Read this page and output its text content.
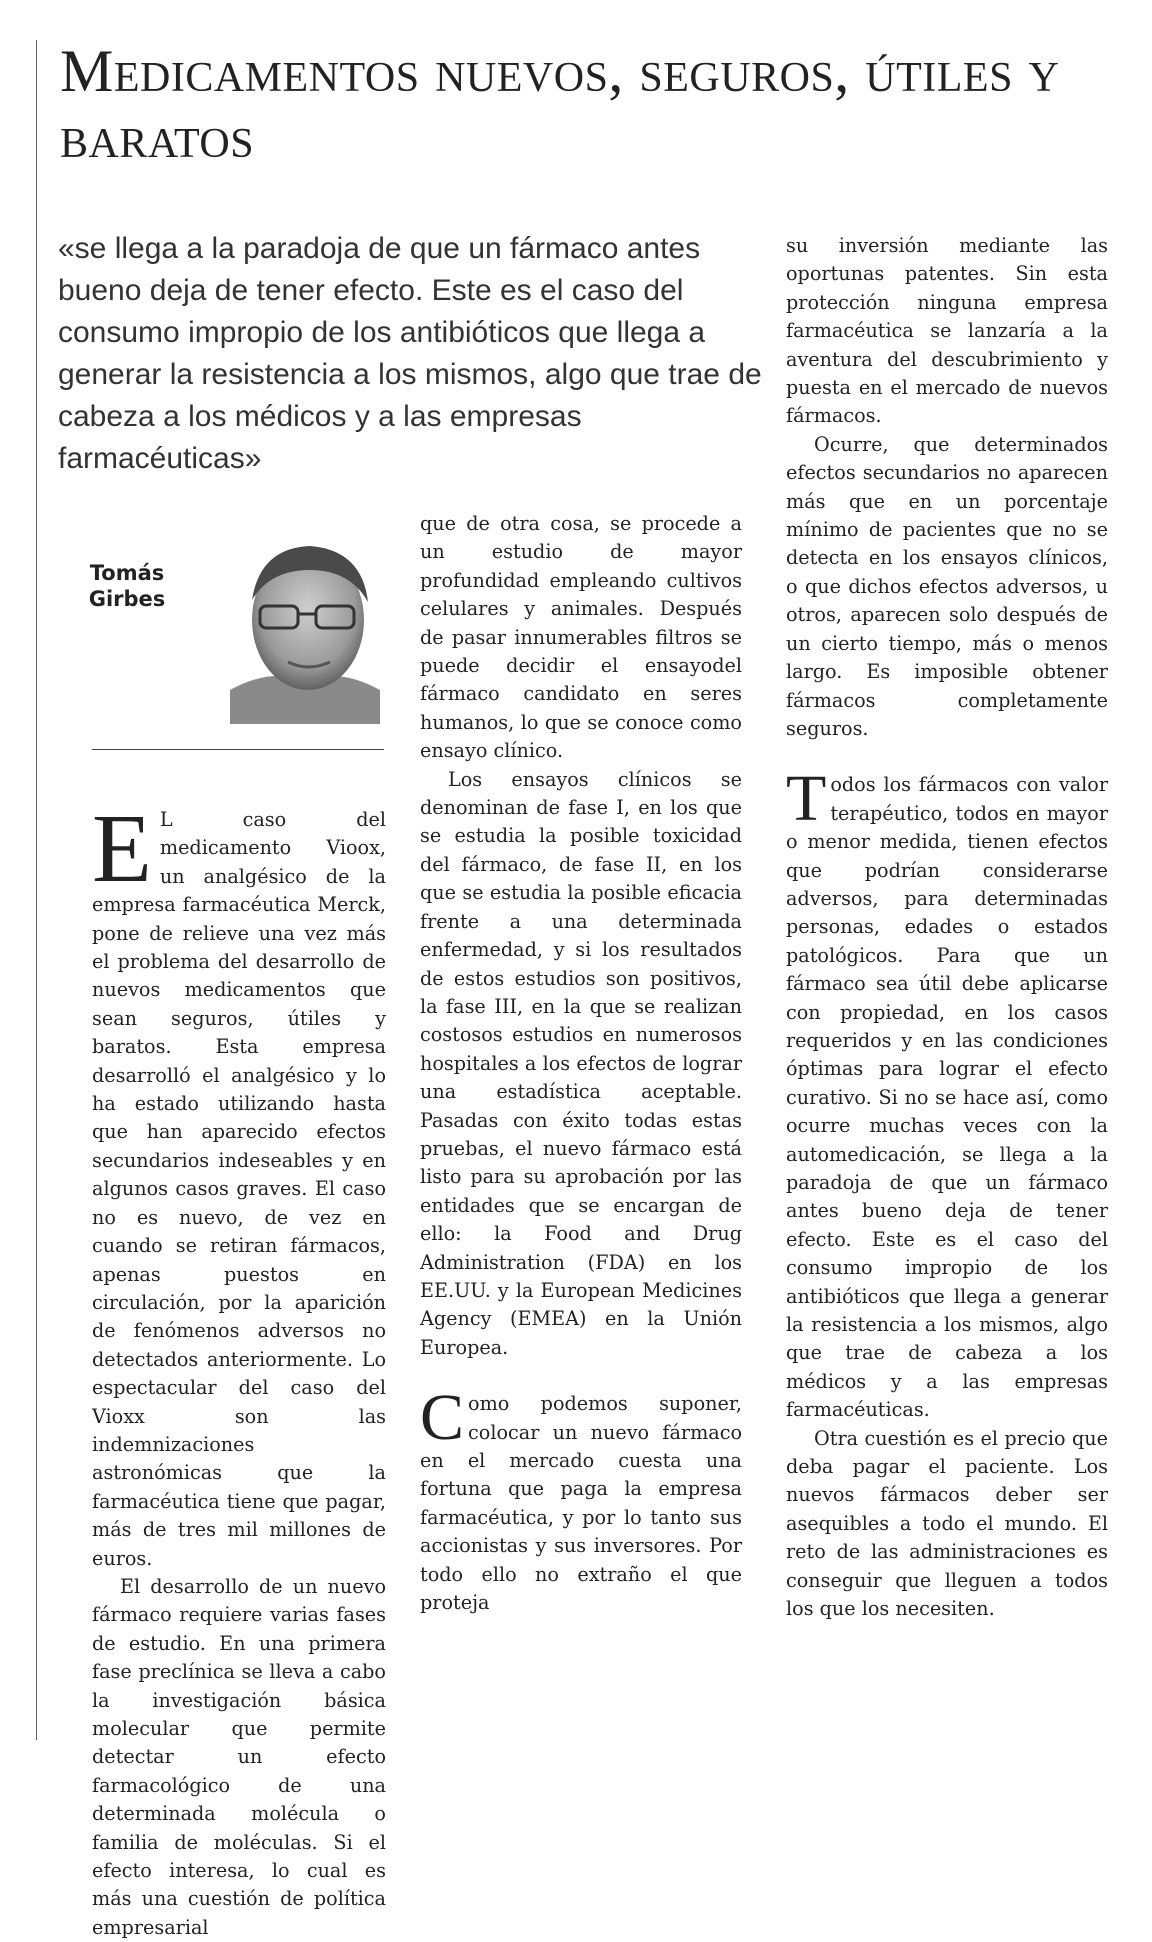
Medicamentos nuevos, seguros, útiles y baratos

«se llega a la paradoja de que un fármaco antes bueno deja de tener efecto. Este es el caso del consumo impropio de los antibióticos que llega a generar la resistencia a los mismos, algo que trae de cabeza a los médicos y a las empresas farmacéuticas»

Tomás Girbes

E L caso del medicamento Vioox, un analgésico de la empresa farmacéutica Merck, pone de relieve una vez más el problema del desarrollo de nuevos medicamentos que sean seguros, útiles y baratos. Esta empresa desarrolló el analgésico y lo ha estado utilizando hasta que han aparecido efectos secundarios indeseables y en algunos casos graves. El caso no es nuevo, de vez en cuando se retiran fármacos, apenas puestos en circulación, por la aparición de fenómenos adversos no detectados anteriormente. Lo espectacular del caso del Vioxx son las indemnizaciones astronómicas que la farmacéutica tiene que pagar, más de tres mil millones de euros.

El desarrollo de un nuevo fármaco requiere varias fases de estudio. En una primera fase preclínica se lleva a cabo la investigación básica molecular que permite detectar un efecto farmacológico de una determinada molécula o familia de moléculas. Si el efecto interesa, lo cual es más una cuestión de política empresarial

que de otra cosa, se procede a un estudio de mayor profundidad empleando cultivos celulares y animales. Después de pasar innumerables filtros se puede decidir el ensayodel fármaco candidato en seres humanos, lo que se conoce como ensayo clínico.

Los ensayos clínicos se denominan de fase I, en los que se estudia la posible toxicidad del fármaco, de fase II, en los que se estudia la posible eficacia frente a una determinada enfermedad, y si los resultados de estos estudios son positivos, la fase III, en la que se realizan costosos estudios en numerosos hospitales a los efectos de lograr una estadística aceptable. Pasadas con éxito todas estas pruebas, el nuevo fármaco está listo para su aprobación por las entidades que se encargan de ello: la Food and Drug Administration (FDA) en los EE.UU. y la European Medicines Agency (EMEA) en la Unión Europea.

Como podemos suponer, colocar un nuevo fármaco en el mercado cuesta una fortuna que paga la empresa farmacéutica, y por lo tanto sus accionistas y sus inversores. Por todo ello no extraño el que proteja

su inversión mediante las oportunas patentes. Sin esta protección ninguna empresa farmacéutica se lanzaría a la aventura del descubrimiento y puesta en el mercado de nuevos fármacos.

Ocurre, que determinados efectos secundarios no aparecen más que en un porcentaje mínimo de pacientes que no se detecta en los ensayos clínicos, o que dichos efectos adversos, u otros, aparecen solo después de un cierto tiempo, más o menos largo. Es imposible obtener fármacos completamente seguros.

Todos los fármacos con valor terapéutico, todos en mayor o menor medida, tienen efectos que podrían considerarse adversos, para determinadas personas, edades o estados patológicos. Para que un fármaco sea útil debe aplicarse con propiedad, en los casos requeridos y en las condiciones óptimas para lograr el efecto curativo. Si no se hace así, como ocurre muchas veces con la automedicación, se llega a la paradoja de que un fármaco antes bueno deja de tener efecto. Este es el caso del consumo impropio de los antibióticos que llega a generar la resistencia a los mismos, algo que trae de cabeza a los médicos y a las empresas farmacéuticas.

Otra cuestión es el precio que deba pagar el paciente. Los nuevos fármacos deber ser asequibles a todo el mundo. El reto de las administraciones es conseguir que lleguen a todos los que los necesiten.
